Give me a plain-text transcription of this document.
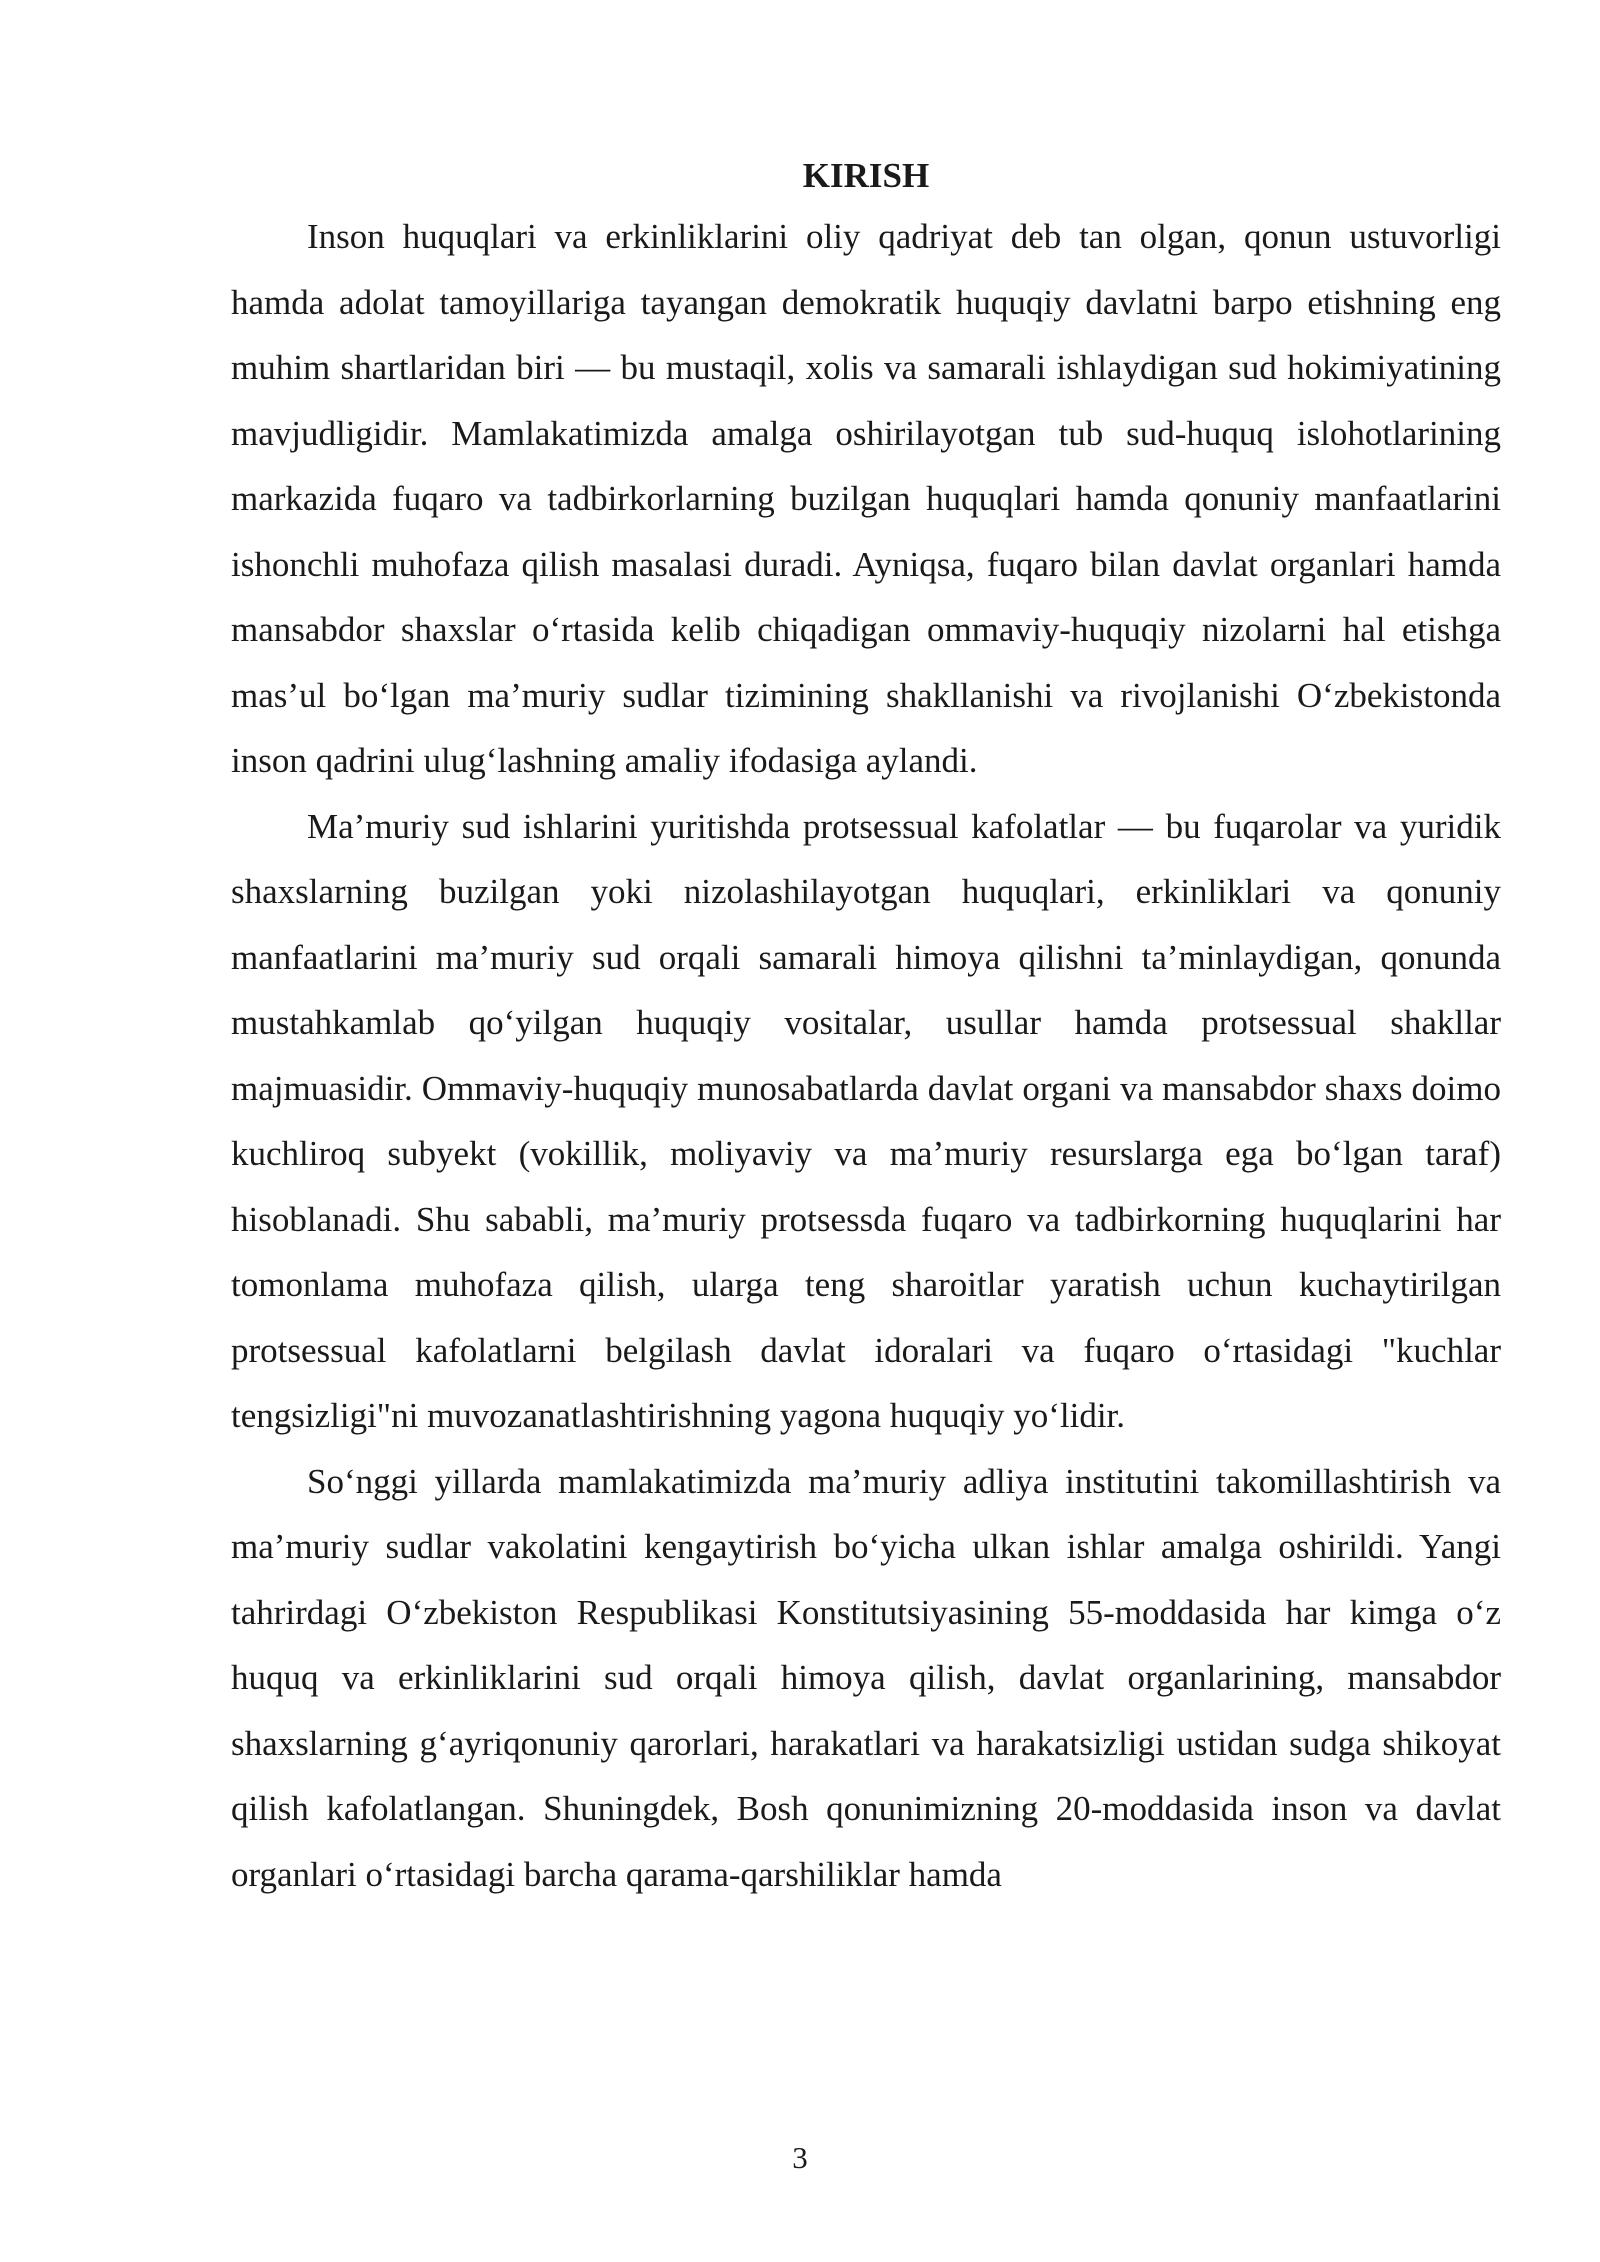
KIRISH

Inson huquqlari va erkinliklarini oliy qadriyat deb tan olgan, qonun ustuvorligi hamda adolat tamoyillariga tayangan demokratik huquqiy davlatni barpo etishning eng muhim shartlaridan biri — bu mustaqil, xolis va samarali ishlaydigan sud hokimiyatining mavjudligidir. Mamlakatimizda amalga oshirilayotgan tub sud-huquq islohotlarining markazida fuqaro va tadbirkorlarning buzilgan huquqlari hamda qonuniy manfaatlarini ishonchli muhofaza qilish masalasi duradi. Ayniqsa, fuqaro bilan davlat organlari hamda mansabdor shaxslar o‘rtasida kelib chiqadigan ommaviy-huquqiy nizolarni hal etishga mas’ul bo‘lgan ma’muriy sudlar tizimining shakllanishi va rivojlanishi O‘zbekistonda inson qadrini ulug‘lashning amaliy ifodasiga aylandi.

Ma’muriy sud ishlarini yuritishda protsessual kafolatlar — bu fuqarolar va yuridik shaxslarning buzilgan yoki nizolashilayotgan huquqlari, erkinliklari va qonuniy manfaatlarini ma’muriy sud orqali samarali himoya qilishni ta’minlaydigan, qonunda mustahkamlab qo‘yilgan huquqiy vositalar, usullar hamda protsessual shakllar majmuasidir. Ommaviy-huquqiy munosabatlarda davlat organi va mansabdor shaxs doimo kuchliroq subyekt (vokillik, moliyaviy va ma’muriy resurslarga ega bo‘lgan taraf) hisoblanadi. Shu sababli, ma’muriy protsessda fuqaro va tadbirkorning huquqlarini har tomonlama muhofaza qilish, ularga teng sharoitlar yaratish uchun kuchaytirilgan protsessual kafolatlarni belgilash davlat idoralari va fuqaro o‘rtasidagi "kuchlar tengsizligi"ni muvozanatlashtirishning yagona huquqiy yo‘lidir.

So‘nggi yillarda mamlakatimizda ma’muriy adliya institutini takomillashtirish va ma’muriy sudlar vakolatini kengaytirish bo‘yicha ulkan ishlar amalga oshirildi. Yangi tahrirdagi O‘zbekiston Respublikasi Konstitutsiyasining 55-moddasida har kimga o‘z huquq va erkinliklarini sud orqali himoya qilish, davlat organlarining, mansabdor shaxslarning g‘ayriqonuniy qarorlari, harakatlari va harakatsizligi ustidan sudga shikoyat qilish kafolatlangan. Shuningdek, Bosh qonunimizning 20-moddasida inson va davlat organlari o‘rtasidagi barcha qarama-qarshiliklar hamda

3
